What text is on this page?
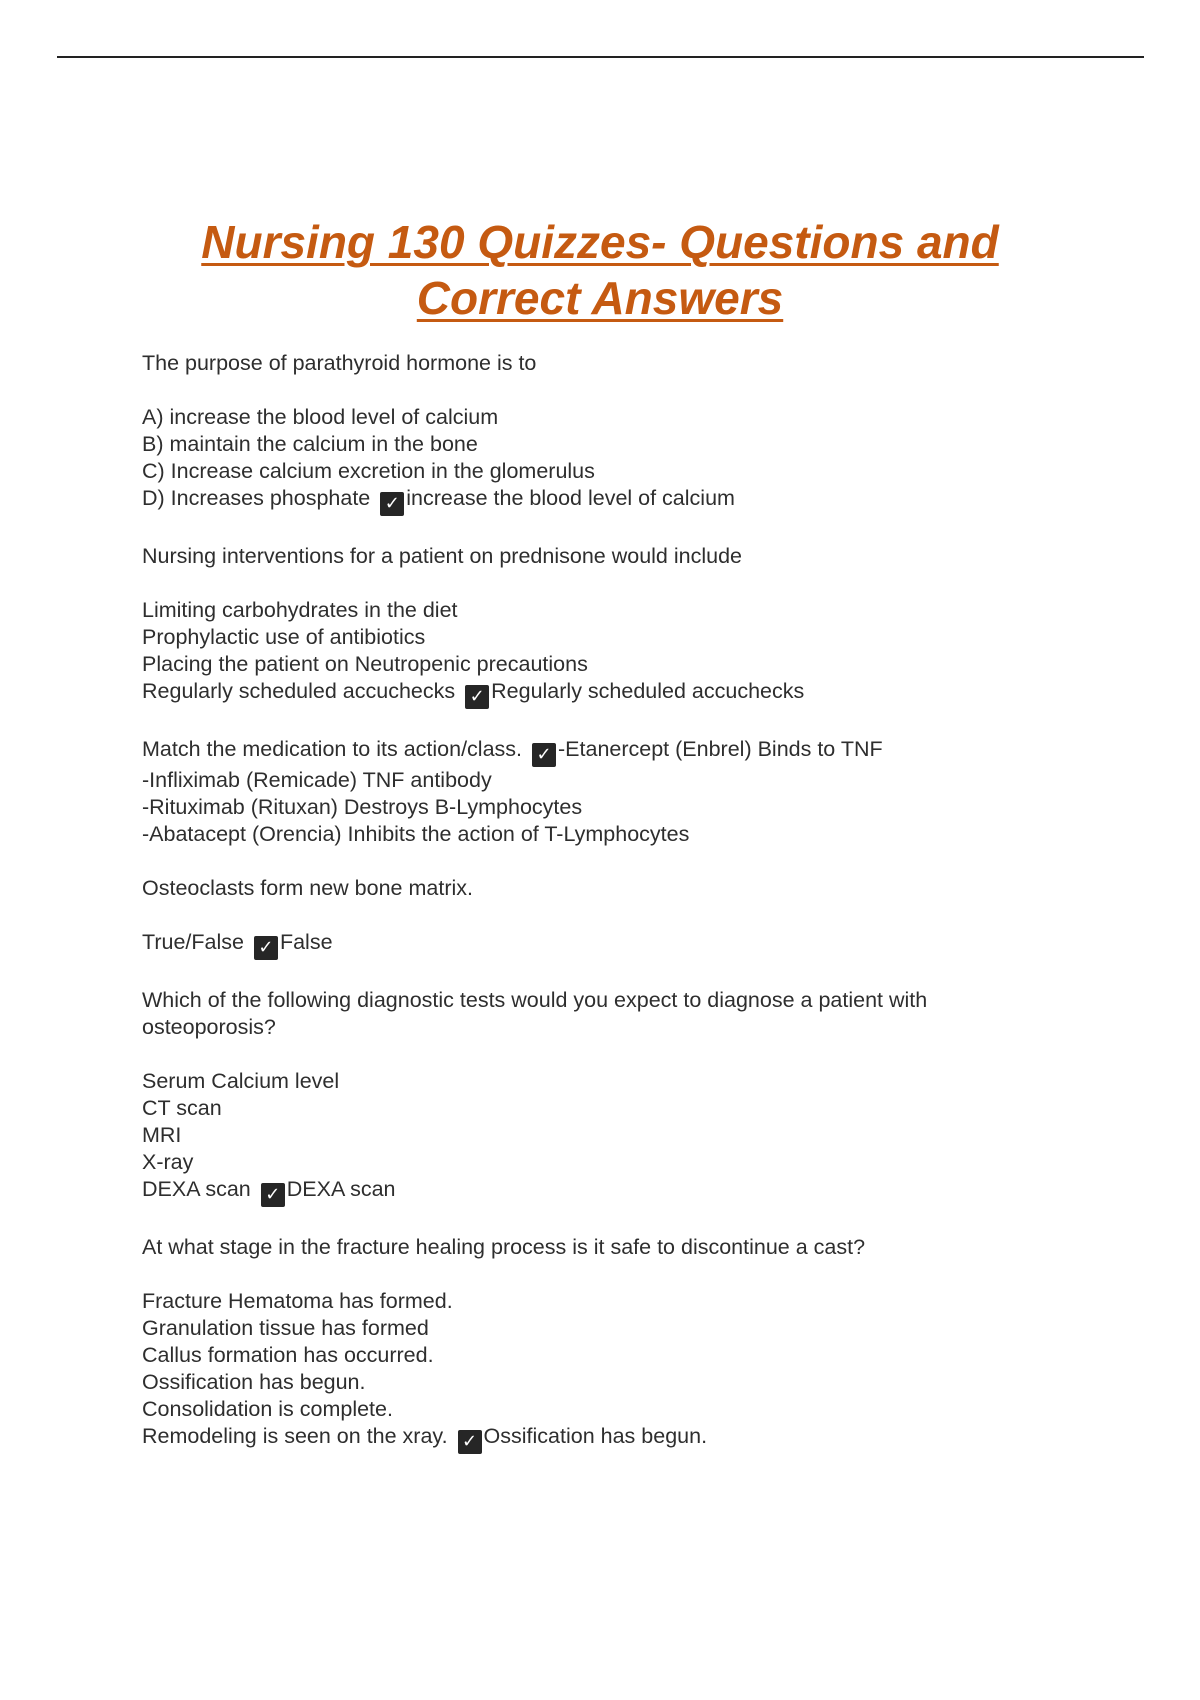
Nursing 130 Quizzes- Questions and
Correct Answers
The purpose of parathyroid hormone is to
A) increase the blood level of calcium
B) maintain the calcium in the bone
C) Increase calcium excretion in the glomerulus
D) Increases phosphate ✓ increase the blood level of calcium
Nursing interventions for a patient on prednisone would include
Limiting carbohydrates in the diet
Prophylactic use of antibiotics
Placing the patient on Neutropenic precautions
Regularly scheduled accuchecks ✓ Regularly scheduled accuchecks
Match the medication to its action/class. ✓ -Etanercept (Enbrel) Binds to TNF
-Infliximab (Remicade) TNF antibody
-Rituximab (Rituxan) Destroys B-Lymphocytes
-Abatacept (Orencia) Inhibits the action of T-Lymphocytes
Osteoclasts form new bone matrix.
True/False ✓ False
Which of the following diagnostic tests would you expect to diagnose a patient with
osteoporosis?
Serum Calcium level
CT scan
MRI
X-ray
DEXA scan ✓ DEXA scan
At what stage in the fracture healing process is it safe to discontinue a cast?
Fracture Hematoma has formed.
Granulation tissue has formed
Callus formation has occurred.
Ossification has begun.
Consolidation is complete.
Remodeling is seen on the xray. ✓ Ossification has begun.
